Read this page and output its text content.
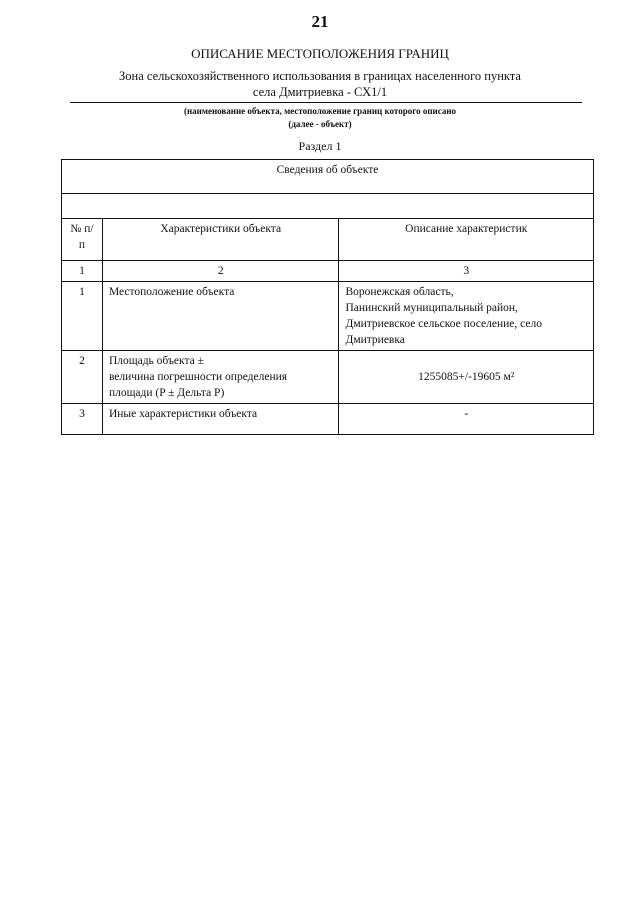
21
ОПИСАНИЕ МЕСТОПОЛОЖЕНИЯ ГРАНИЦ
Зона сельскохозяйственного использования в границах населенного пункта
села Дмитриевка - СХ1/1
(наименование объекта, местоположение границ которого описано
(далее - объект)
Раздел 1
Сведения об объекте		

№ п/п	Характеристики объекта	Описание характеристик
1	2	3
1	Местоположение объекта	Воронежская область,
Панинский муниципальный район,
Дмитриевское сельское поселение, село
Дмитриевка

2	Площадь объекта ±
величина погрешности определения
площади (P ± Дельта P)	1255085+/-19605 м²
3	Иные характеристики объекта	-
